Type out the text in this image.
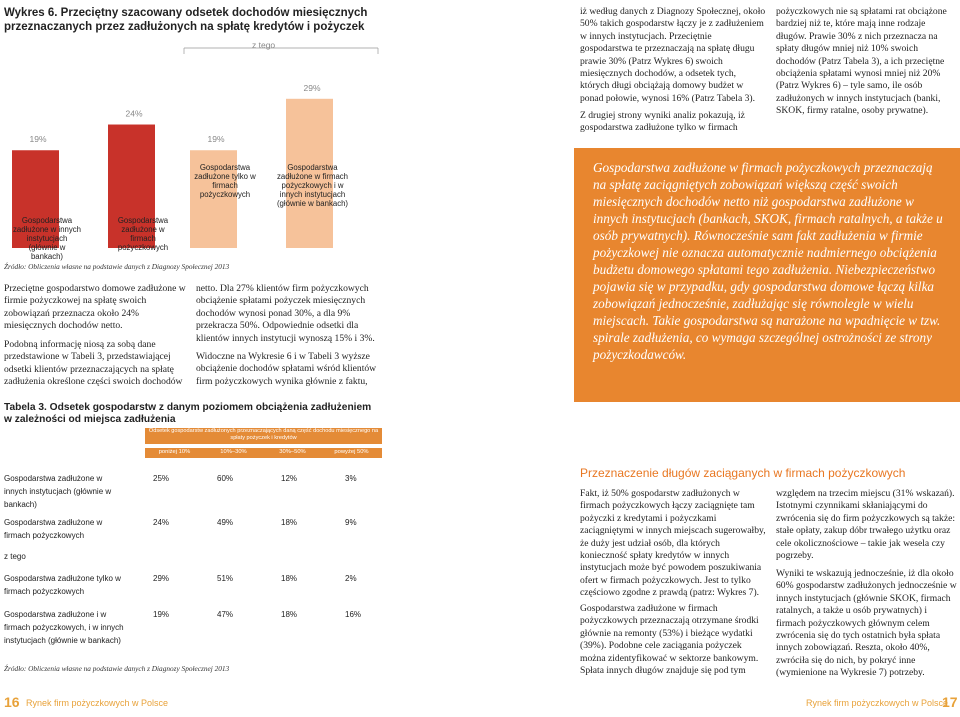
Wykres 6. Przeciętny szacowany odsetek dochodów miesięcznych przeznaczanych przez zadłużonych na spłatę kredytów i pożyczek
19%
24%
19%
29%
z tego
Gospodarstwa zadłużone w innych instytucjach (głównie w bankach)
Gospodarstwa zadłużone w firmach pożyczkowych
Gospodarstwa zadłużone tylko w firmach pożyczkowych
Gospodarstwa zadłużone w firmach pożyczkowych i w innych instytucjach (głównie w bankach)
Źródło: Obliczenia własne na podstawie danych z Diagnozy Społecznej 2013
Przeciętne gospodarstwo domowe zadłużone w firmie pożyczkowej na spłatę swoich zobowiązań przeznacza około 24% miesięcznych dochodów netto.
Podobną informację niosą za sobą dane przedstawione w Tabeli 3, przedstawiającej odsetki klientów przeznaczających na spłatę zadłużenia określone części swoich dochodów
netto. Dla 27% klientów firm pożyczkowych obciążenie spłatami pożyczek miesięcznych dochodów wynosi ponad 30%, a dla 9% przekracza 50%. Odpowiednie odsetki dla klientów innych instytucji wynoszą 15% i 3%.
Widoczne na Wykresie 6 i w Tabeli 3 wyższe obciążenie dochodów spłatami wśród klientów firm pożyczkowych wynika głównie z faktu,
Tabela 3. Odsetek gospodarstw z danym poziomem obciążenia zadłużeniem w zależności od miejsca zadłużenia
Odsetek gospodarstw zadłużonych przeznaczających daną część dochodu miesięcznego na spłaty pożyczek i kredytów
poniżej 10%	10%–30%	30%–50%	powyżej 50%
Gospodarstwa zadłużone w innych instytucjach (głównie w bankach)
25%	60%	12%	3%
Gospodarstwa zadłużone w firmach pożyczkowych
24%	49%	18%	9%
z tego
Gospodarstwa zadłużone tylko w firmach pożyczkowych
29%	51%	18%	2%
Gospodarstwa zadłużone i w firmach pożyczkowych, i w innych instytucjach (głównie w bankach)
19%	47%	18%	16%
Źródło: Obliczenia własne na podstawie danych z Diagnozy Społecznej 2013
16 Rynek firm pożyczkowych w Polsce
iż według danych z Diagnozy Społecznej, około 50% takich gospodarstw łączy je z zadłużeniem w innych instytucjach. Przeciętnie gospodarstwa te przeznaczają na spłatę długu prawie 30% (Patrz Wykres 6) swoich miesięcznych dochodów, a odsetek tych, których długi obciążają domowy budżet w ponad połowie, wynosi 16% (Patrz Tabela 3).
Z drugiej strony wyniki analiz pokazują, iż gospodarstwa zadłużone tylko w firmach
pożyczkowych nie są spłatami rat obciążone bardziej niż te, które mają inne rodzaje długów. Prawie 30% z nich przeznacza na spłaty długów mniej niż 10% swoich dochodów (Patrz Tabela 3), a ich przeciętne obciążenia spłatami wynosi mniej niż 20% (Patrz Wykres 6) – tyle samo, ile osób zadłużonych w innych instytucjach (banki, SKOK, firmy ratalne, osoby prywatne).
Gospodarstwa zadłużone w firmach pożyczkowych przeznaczają na spłatę zaciągniętych zobowiązań większą część swoich miesięcznych dochodów netto niż gospodarstwa zadłużone w innych instytucjach (bankach, SKOK, firmach ratalnych, a także u osób prywatnych). Równocześnie sam fakt zadłużenia w firmie pożyczkowej nie oznacza automatycznie nadmiernego obciążenia budżetu domowego spłatami tego zadłużenia. Niebezpieczeństwo pojawia się w przypadku, gdy gospodarstwa domowe łączą kilka zobowiązań jednocześnie, zadłużając się równolegle w wielu miejscach. Takie gospodarstwa są narażone na wpadnięcie w tzw. spirale zadłużenia, co wymaga szczególnej ostrożności ze strony pożyczkodawców.
Przeznaczenie długów zaciąganych w firmach pożyczkowych
Fakt, iż 50% gospodarstw zadłużonych w firmach pożyczkowych łączy zaciągnięte tam pożyczki z kredytami i pożyczkami zaciągniętymi w innych miejscach sugerowałby, że duży jest udział osób, dla których konieczność spłaty kredytów w innych instytucjach może być powodem poszukiwania ofert w firmach pożyczkowych. Jest to tylko częściowo zgodne z prawdą (patrz: Wykres 7).
Gospodarstwa zadłużone w firmach pożyczkowych przeznaczają otrzymane środki głównie na remonty (53%) i bieżące wydatki (39%). Podobne cele zaciągania pożyczek można zidentyfikować w sektorze bankowym. Spłata innych długów znajduje się pod tym
względem na trzecim miejscu (31% wskazań). Istotnymi czynnikami skłaniającymi do zwrócenia się do firm pożyczkowych są także: stałe opłaty, zakup dóbr trwałego użytku oraz cele okolicznościowe – takie jak wesela czy pogrzeby.
Wyniki te wskazują jednocześnie, iż dla około 60% gospodarstw zadłużonych jednocześnie w innych instytucjach (głównie SKOK, firmach ratalnych, a także u osób prywatnych) i firmach pożyczkowych głównym celem zwrócenia się do tych ostatnich była spłata innych zobowiązań. Reszta, około 40%, zwróciła się do nich, by pokryć inne (wymienione na Wykresie 7) potrzeby.
Rynek firm pożyczkowych w Polsce
17
